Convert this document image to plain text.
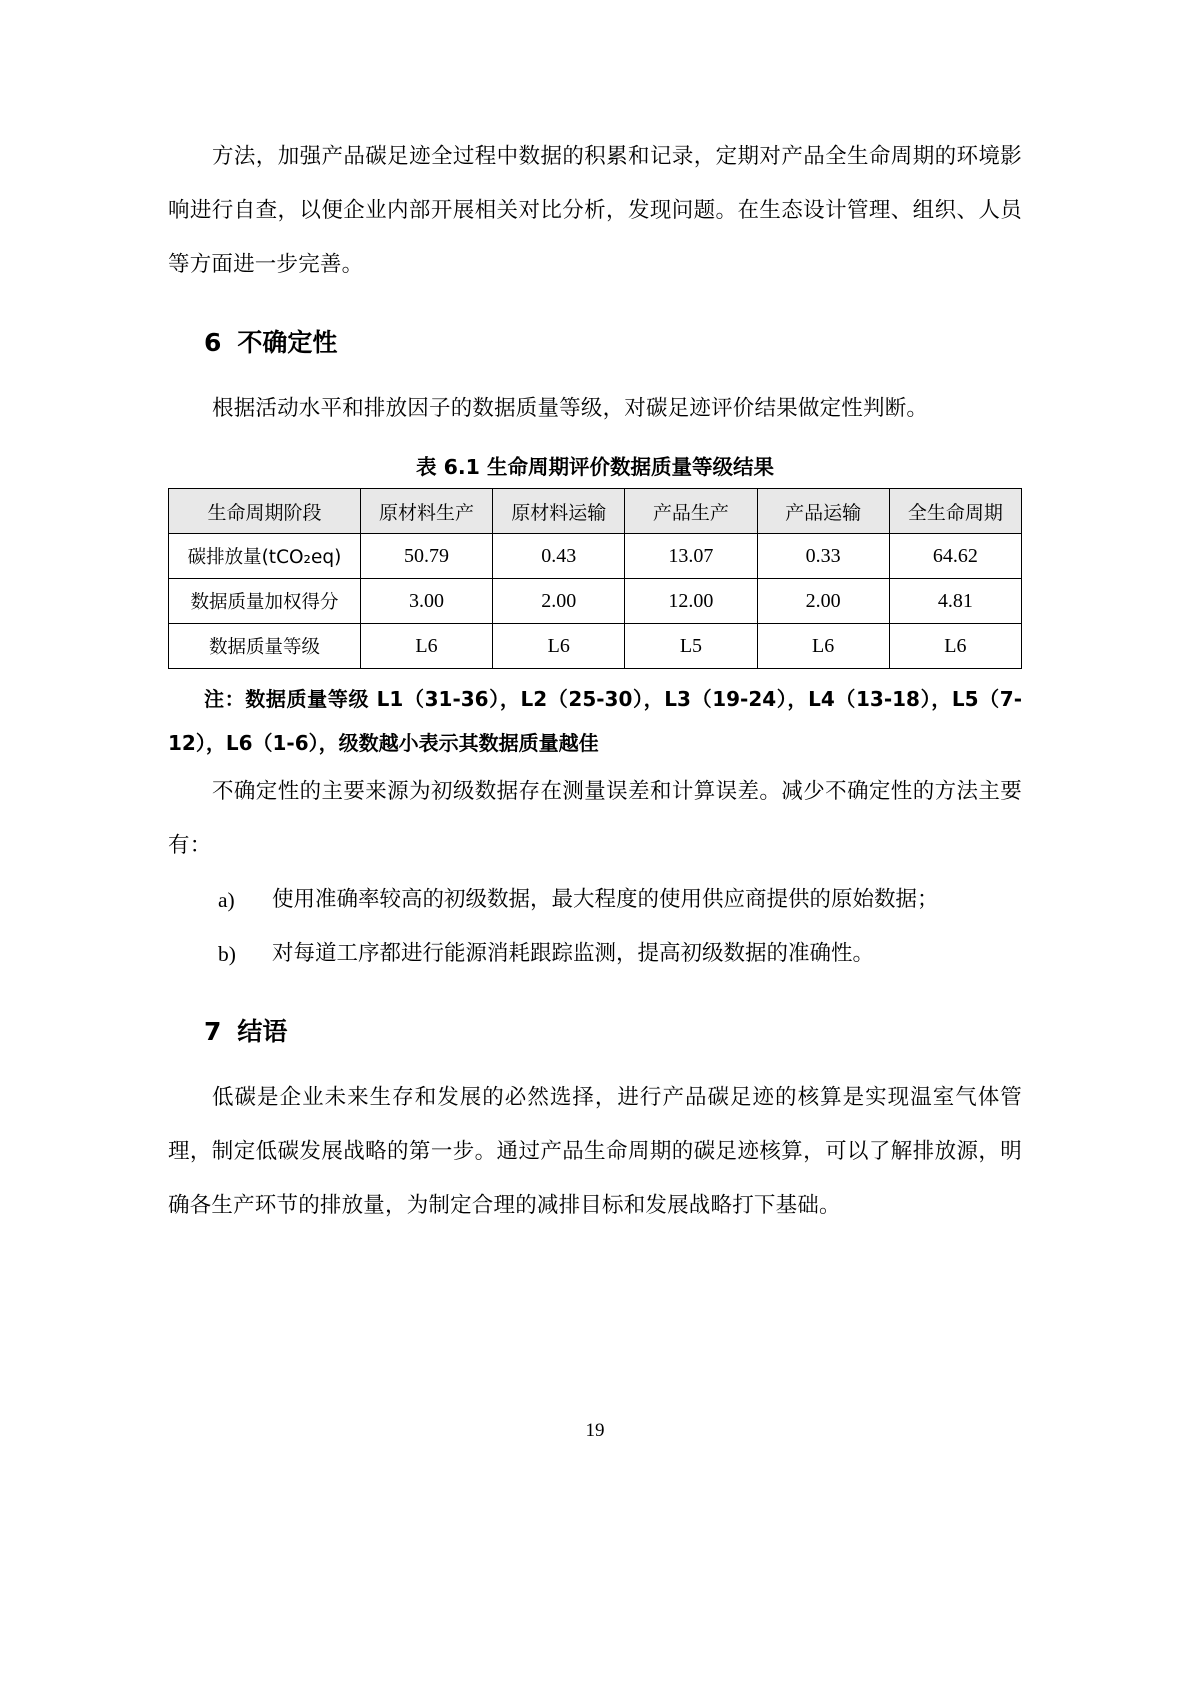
方法，加强产品碳足迹全过程中数据的积累和记录，定期对产品全生命周期的环境影响进行自查，以便企业内部开展相关对比分析，发现问题。在生态设计管理、组织、人员等方面进一步完善。

6 不确定性

根据活动水平和排放因子的数据质量等级，对碳足迹评价结果做定性判断。

表 6.1 生命周期评价数据质量等级结果
生命周期阶段	原材料生产	原材料运输	产品生产	产品运输	全生命周期
碳排放量(tCO₂eq)	50.79	0.43	13.07	0.33	64.62
数据质量加权得分	3.00	2.00	12.00	2.00	4.81
数据质量等级	L6	L6	L5	L6	L6

注：数据质量等级 L1（31-36），L2（25-30），L3（19-24），L4（13-18），L5（7-12），L6（1-6），级数越小表示其数据质量越佳

不确定性的主要来源为初级数据存在测量误差和计算误差。减少不确定性的方法主要有：

a)	使用准确率较高的初级数据，最大程度的使用供应商提供的原始数据；
b)	对每道工序都进行能源消耗跟踪监测，提高初级数据的准确性。
7 结语

低碳是企业未来生存和发展的必然选择，进行产品碳足迹的核算是实现温室气体管理，制定低碳发展战略的第一步。通过产品生命周期的碳足迹核算，可以了解排放源，明确各生产环节的排放量，为制定合理的减排目标和发展战略打下基础。

19
